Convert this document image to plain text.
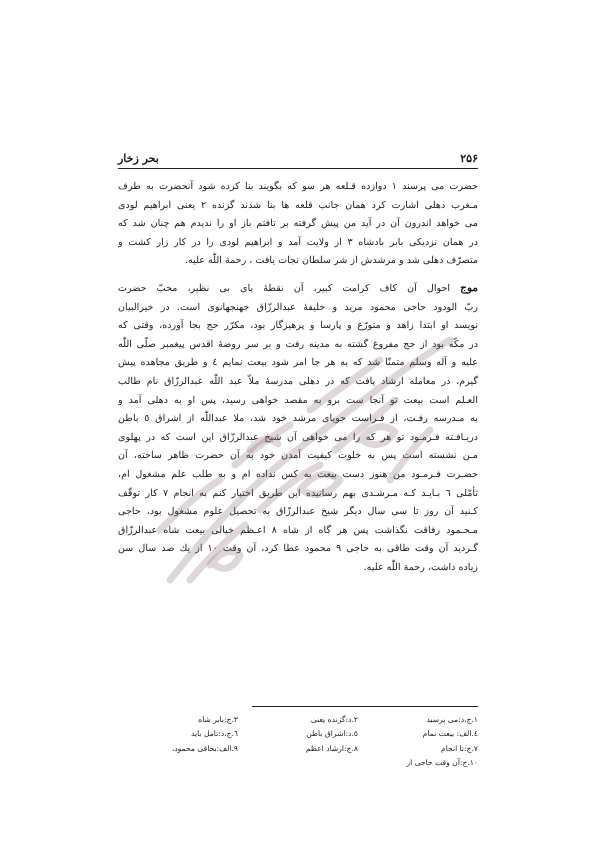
۲۵۶
بحر زخار
حضرت می پرسند ۱ دوازده قـلعه هر سو که بگویند بنا کرده شود آنحضرت به طرف
مـغرب دهلی اشارت کرد همان جانب قلعه ها بنا شدند گزنده ۲ یعنی ابراهیم لودی
می خواهد اندرون آن در آید من پیش گرفته بر تافتم باز او را ندیدم هم چنان شد که
در همان نزدیکی بابر بادشاه ۳ از ولایت آمد و ابراهیم لودی را در کار زار کشت و
متصرّف دهلی شد و مرشدش از شر سلطان نجات یافت ، رحمة اللّٰه علیه.
موج احوال آن کاف کرامت کبیر، آن نقطهٔ بای بی نظیر، محبّ حضرت
ربّ الودود حاجی محمود مرید و خلیفهٔ عبدالرزّاق جهنجهانوی است. در خیرالبیان
نویسد او ابتدا زاهد و متورّع و پارسا و پرهیزگار بود، مکرّر حج بجا آورده، وقتی که
در مکّه بود از حج مفروغ گشته به مدینه رفت و بر سر روضهٔ اقدس پیغمبر صلّی اللّٰه
علیه و آله وسلم متمنّا شد که به هر جا امر شود بیعت نمایم ٤ و طریق مجاهده پیش
گیرم، در معامله ارشاد یافت که در دهلی مدرسهٔ ملاّ عبد اللّٰه عبدالرزّاق نام طالب
العـلم است بیعت تو آنجا ست برو به مقصد خواهی رسید، پس او به دهلی آمد و
به مـدرسه رفـت، از فـراست جویای مرشد خود شد، ملا عبداللّٰه از اشراق ٥ باطن
دریـافـته فـرمـود تو هر که را می خواهی آن شیخ عبدالرزّاق این است که در پهلوی
مـن نشسته است پس به خلوت کیفیت آمدن خود به آن حضرت ظاهر ساخته، آن
حضـرت فـرمـود من هنوز دست بیعت به کس نداده ام و به طلب علم مشغول ام،
تأمّلی ٦ بـایـد کـه مـرشـدی بهم رسانیده این طریق اختیار کنم به انجام ٧ کار توقّف
کـنید آن روز تا سی سال دیگر شیخ عبدالرزّاق به تحصیل علوم مشغول بود، حاجی
مـحـمود رفاقت نگذاشت پس هر گاه از شاه ۸ اعـظم خیالی بیعت شاه عبدالرزّاق
گـردید آن وقت طاقی به حاجی ۹ محمود عطا کرد، آن وقت ۱۰ از یك صد سال سن
زیاده داشت، رحمة اللّٰه علیه.
۱.ج،د:می پرسید
۲.د:گزنده یعنی
۳.ج:بابر شاه
٤.الف: بیعت نمام
٥.د:اشراق باطن
٦.ج،د:تامل باید
۷.ج:تا انجام
۸.ج:ارشاد اعظم
۹.الف:بحاقی محمود،
۱۰.ج:آن وقت حاجی از
